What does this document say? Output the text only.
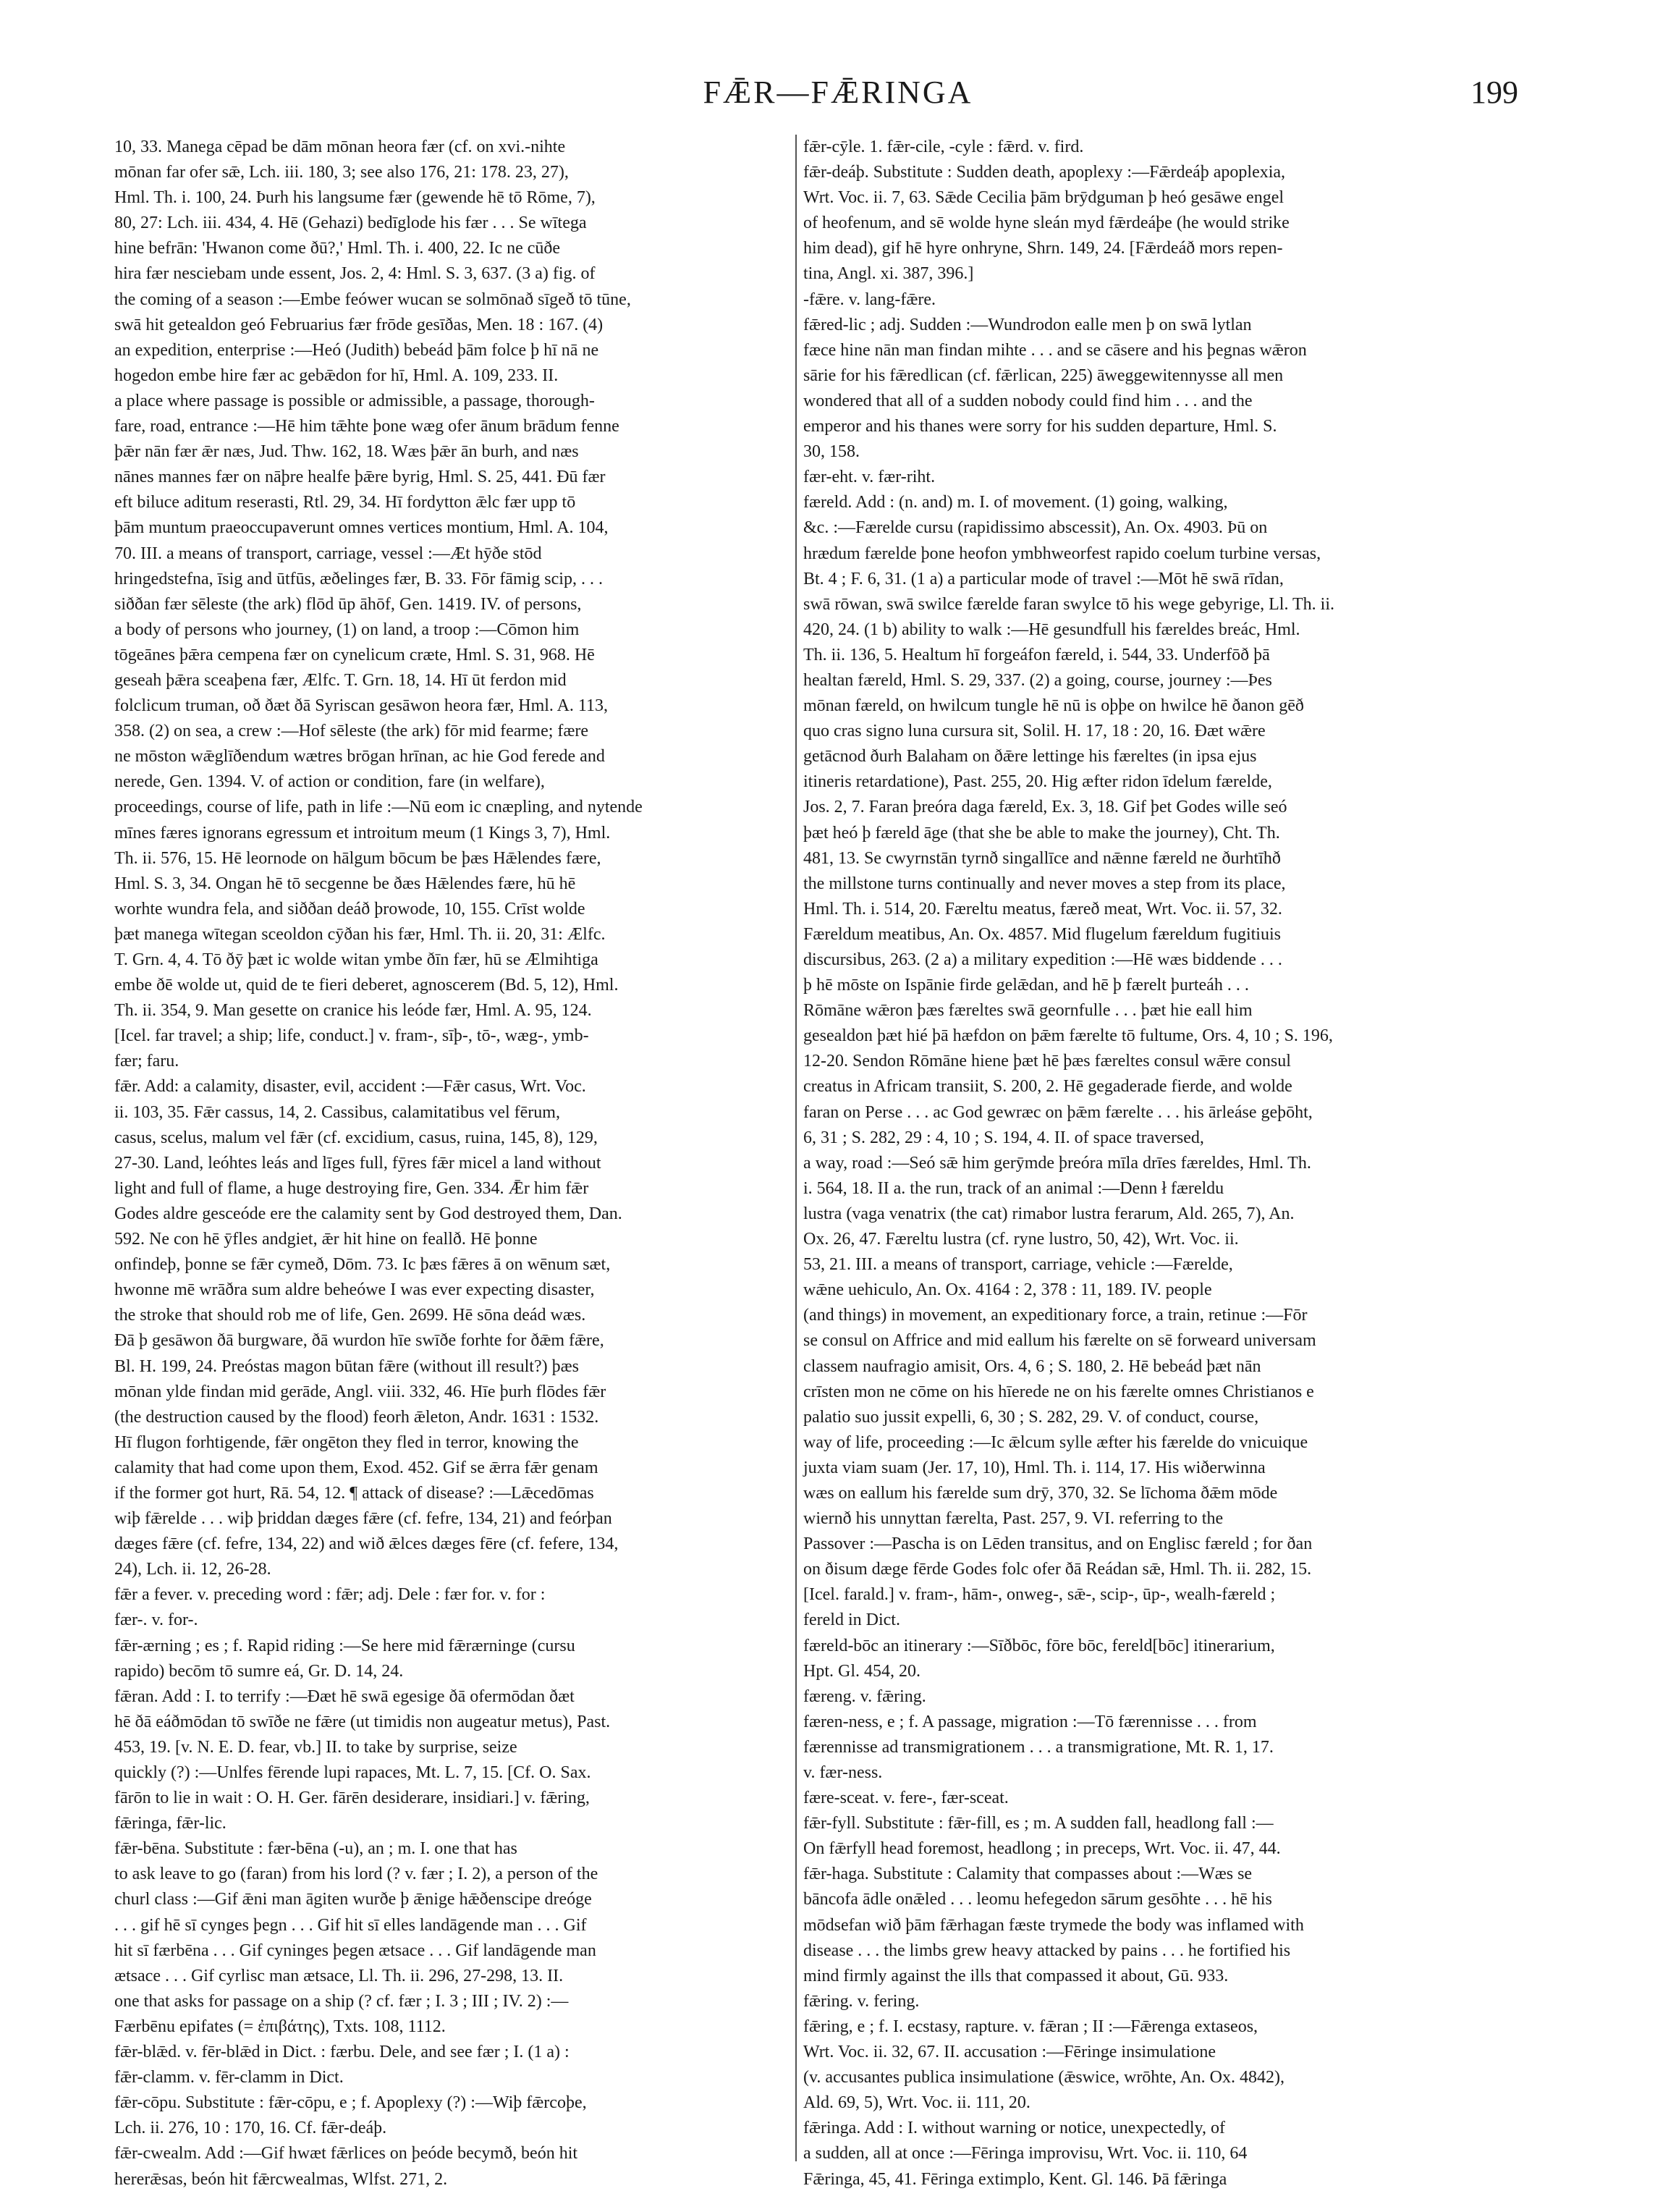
FǢR—FǢRINGA	199
10, 33. Manega cēpad be dām mōnan heora fær (cf. on xvi.-nihte
mōnan far ofer sǣ, Lch. iii. 180, 3; see also 176, 21: 178. 23, 27),
Hml. Th. i. 100, 24. Þurh his langsume fær (gewende hē tō Rōme, 7),
80, 27: Lch. iii. 434, 4. Hē (Gehazi) bedīglode his fær . . . Se wītega
hine befrān: 'Hwanon come ðū?,' Hml. Th. i. 400, 22. Ic ne cūðe
hira fær nesciebam unde essent, Jos. 2, 4: Hml. S. 3, 637. (3 a) fig. of
the coming of a season :—Embe feówer wucan se solmōnað sīgeð tō tūne,
swā hit getealdon geó Februarius fær frōde gesīðas, Men. 18 : 167. (4)
an expedition, enterprise :—Heó (Judith) bebeád þām folce þ hī nā ne
hogedon embe hire fær ac gebǣdon for hī, Hml. A. 109, 233. II.
a place where passage is possible or admissible, a passage, thorough-
fare, road, entrance :—Hē him tǣhte þone wæg ofer ānum brādum fenne
þǣr nān fær ǣr næs, Jud. Thw. 162, 18. Wæs þǣr ān burh, and næs
nānes mannes fær on nāþre healfe þǣre byrig, Hml. S. 25, 441. Ðū fær
eft biluce aditum reserasti, Rtl. 29, 34. Hī fordytton ǣlc fær upp tō
þām muntum praeoccupaverunt omnes vertices montium, Hml. A. 104,
70. III. a means of transport, carriage, vessel :—Æt hȳðe stōd
hringedstefna, īsig and ūtfūs, æðelinges fær, B. 33. Fōr fāmig scip, . . .
siððan fær sēleste (the ark) flōd ūp āhōf, Gen. 1419. IV. of persons,
a body of persons who journey, (1) on land, a troop :—Cōmon him
tōgeānes þǣra cempena fær on cynelicum cræte, Hml. S. 31, 968. Hē
geseah þǣra sceaþena fær, Ælfc. T. Grn. 18, 14. Hī ūt ferdon mid
folclicum truman, oð ðæt ðā Syriscan gesāwon heora fær, Hml. A. 113,
358. (2) on sea, a crew :—Hof sēleste (the ark) fōr mid fearme; fære
ne mōston wǣglīðendum wætres brōgan hrīnan, ac hie God ferede and
nerede, Gen. 1394. V. of action or condition, fare (in welfare),
proceedings, course of life, path in life :—Nū eom ic cnæpling, and nytende
mīnes færes ignorans egressum et introitum meum (1 Kings 3, 7), Hml.
Th. ii. 576, 15. Hē leornode on hālgum bōcum be þæs Hǣlendes fære,
Hml. S. 3, 34. Ongan hē tō secgenne be ðæs Hǣlendes fære, hū hē
worhte wundra fela, and siððan deáð þrowode, 10, 155. Crīst wolde
þæt manega wītegan sceoldon cȳðan his fær, Hml. Th. ii. 20, 31: Ælfc.
T. Grn. 4, 4. Tō ðȳ þæt ic wolde witan ymbe ðīn fær, hū se Ælmihtiga
embe ðē wolde ut, quid de te fieri deberet, agnoscerem (Bd. 5, 12), Hml.
Th. ii. 354, 9. Man gesette on cranice his leóde fær, Hml. A. 95, 124.
[Icel. far travel; a ship; life, conduct.] v. fram-, sīþ-, tō-, wæg-, ymb-
fær; faru.
fǣr. Add: a calamity, disaster, evil, accident :—Fǣr casus, Wrt. Voc.
ii. 103, 35. Fǣr cassus, 14, 2. Cassibus, calamitatibus vel fērum,
casus, scelus, malum vel fǣr (cf. excidium, casus, ruina, 145, 8), 129,
27-30. Land, leóhtes leás and līges full, fȳres fǣr micel a land without
light and full of flame, a huge destroying fire, Gen. 334. Ǣr him fǣr
Godes aldre gesceóde ere the calamity sent by God destroyed them, Dan.
592. Ne con hē ȳfles andgiet, ǣr hit hine on feallð. Hē þonne
onfindeþ, þonne se fǣr cymeð, Dōm. 73. Ic þæs fǣres ā on wēnum sæt,
hwonne mē wrāðra sum aldre beheówe I was ever expecting disaster,
the stroke that should rob me of life, Gen. 2699. Hē sōna deád wæs.
Ðā þ gesāwon ðā burgware, ðā wurdon hīe swīðe forhte for ðǣm fǣre,
Bl. H. 199, 24. Preóstas magon būtan fǣre (without ill result?) þæs
mōnan ylde findan mid gerāde, Angl. viii. 332, 46. Hīe þurh flōdes fǣr
(the destruction caused by the flood) feorh ǣleton, Andr. 1631 : 1532.
Hī flugon forhtigende, fǣr ongēton they fled in terror, knowing the
calamity that had come upon them, Exod. 452. Gif se ǣrra fǣr genam
if the former got hurt, Rā. 54, 12. ¶ attack of disease? :—Lǣcedōmas
wiþ fǣrelde . . . wiþ þriddan dæges fǣre (cf. fefre, 134, 21) and feórþan
dæges fǣre (cf. fefre, 134, 22) and wið ǣlces dæges fēre (cf. fefere, 134,
24), Lch. ii. 12, 26-28.
fǣr a fever. v. preceding word : fǣr; adj. Dele : fær for. v. for :
fær-. v. for-.
fǣr-ærning ; es ; f. Rapid riding :—Se here mid fǣrærninge (cursu
rapido) becōm tō sumre eá, Gr. D. 14, 24.
fǣran. Add : I. to terrify :—Ðæt hē swā egesige ðā ofermōdan ðæt
hē ðā eáðmōdan tō swīðe ne fǣre (ut timidis non augeatur metus), Past.
453, 19. [v. N. E. D. fear, vb.] II. to take by surprise, seize
quickly (?) :—Unlfes fērende lupi rapaces, Mt. L. 7, 15. [Cf. O. Sax.
fārōn to lie in wait : O. H. Ger. fārēn desiderare, insidiari.] v. fǣring,
fǣringa, fǣr-lic.
fǣr-bēna. Substitute : fær-bēna (-u), an ; m. I. one that has
to ask leave to go (faran) from his lord (? v. fær ; I. 2), a person of the
churl class :—Gif ǣni man āgiten wurðe þ ǣnige hǣðenscipe dreóge
. . . gif hē sī cynges þegn . . . Gif hit sī elles landāgende man . . . Gif
hit sī færbēna . . . Gif cyninges þegen ætsace . . . Gif landāgende man
ætsace . . . Gif cyrlisc man ætsace, Ll. Th. ii. 296, 27-298, 13. II.
one that asks for passage on a ship (? cf. fær ; I. 3 ; III ; IV. 2) :—
Færbēnu epifates (= ἐπιβάτης), Txts. 108, 1112.
fǣr-blǣd. v. fēr-blǣd in Dict. : færbu. Dele, and see fær ; I. (1 a) :
fǣr-clamm. v. fēr-clamm in Dict.
fǣr-cōpu. Substitute : fǣr-cōpu, e ; f. Apoplexy (?) :—Wiþ fǣrcoþe,
Lch. ii. 276, 10 : 170, 16. Cf. fǣr-deáþ.
fǣr-cwealm. Add :—Gif hwæt fǣrlices on þeóde becymð, beón hit
hererǣsas, beón hit fǣrcwealmas, Wlfst. 271, 2.
fǣr-cȳle. 1. fǣr-cile, -cyle : fǣrd. v. fird.
fǣr-deáþ. Substitute : Sudden death, apoplexy :—Fǣrdeáþ apoplexia,
Wrt. Voc. ii. 7, 63. Sǣde Cecilia þām brȳdguman þ heó gesāwe engel
of heofenum, and sē wolde hyne sleán myd fǣrdeáþe (he would strike
him dead), gif hē hyre onhryne, Shrn. 149, 24. [Fǣrdeáð mors repen-
tina, Angl. xi. 387, 396.]
-fǣre. v. lang-fǣre.
fǣred-lic ; adj. Sudden :—Wundrodon ealle men þ on swā lytlan
fæce hine nān man findan mihte . . . and se cāsere and his þegnas wǣron
sārie for his fǣredlican (cf. fǣrlican, 225) āweggewitennysse all men
wondered that all of a sudden nobody could find him . . . and the
emperor and his thanes were sorry for his sudden departure, Hml. S.
30, 158.
fær-eht. v. fær-riht.
færeld. Add : (n. and) m. I. of movement. (1) going, walking,
&c. :—Færelde cursu (rapidissimo abscessit), An. Ox. 4903. Þū on
hrædum færelde þone heofon ymbhweorfest rapido coelum turbine versas,
Bt. 4 ; F. 6, 31. (1 a) a particular mode of travel :—Mōt hē swā rīdan,
swā rōwan, swā swilce færelde faran swylce tō his wege gebyrige, Ll. Th. ii.
420, 24. (1 b) ability to walk :—Hē gesundfull his færeldes breác, Hml.
Th. ii. 136, 5. Healtum hī forgeáfon færeld, i. 544, 33. Underfōð þā
healtan færeld, Hml. S. 29, 337. (2) a going, course, journey :—Þes
mōnan færeld, on hwilcum tungle hē nū is oþþe on hwilce hē ðanon gēð
quo cras signo luna cursura sit, Solil. H. 17, 18 : 20, 16. Ðæt wǣre
getācnod ðurh Balaham on ðǣre lettinge his færeltes (in ipsa ejus
itineris retardatione), Past. 255, 20. Hig æfter ridon īdelum færelde,
Jos. 2, 7. Faran þreóra daga færeld, Ex. 3, 18. Gif þet Godes wille seó
þæt heó þ færeld āge (that she be able to make the journey), Cht. Th.
481, 13. Se cwyrnstān tyrnð singallīce and nǣnne færeld ne ðurhtīhð
the millstone turns continually and never moves a step from its place,
Hml. Th. i. 514, 20. Færeltu meatus, færeð meat, Wrt. Voc. ii. 57, 32.
Færeldum meatibus, An. Ox. 4857. Mid flugelum færeldum fugitiuis
discursibus, 263. (2 a) a military expedition :—Hē wæs biddende . . .
þ hē mōste on Ispānie firde gelǣdan, and hē þ færelt þurteáh . . .
Rōmāne wǣron þæs færeltes swā geornfulle . . . þæt hie eall him
gesealdon þæt hié þā hæfdon on þǣm færelte tō fultume, Ors. 4, 10 ; S. 196,
12-20. Sendon Rōmāne hiene þæt hē þæs færeltes consul wǣre consul
creatus in Africam transiit, S. 200, 2. Hē gegaderade fierde, and wolde
faran on Perse . . . ac God gewræc on þǣm færelte . . . his ārleáse geþōht,
6, 31 ; S. 282, 29 : 4, 10 ; S. 194, 4. II. of space traversed,
a way, road :—Seó sǣ him gerȳmde þreóra mīla drīes færeldes, Hml. Th.
i. 564, 18. II a. the run, track of an animal :—Denn ł færeldu
lustra (vaga venatrix (the cat) rimabor lustra ferarum, Ald. 265, 7), An.
Ox. 26, 47. Færeltu lustra (cf. ryne lustro, 50, 42), Wrt. Voc. ii.
53, 21. III. a means of transport, carriage, vehicle :—Færelde,
wǣne uehiculo, An. Ox. 4164 : 2, 378 : 11, 189. IV. people
(and things) in movement, an expeditionary force, a train, retinue :—Fōr
se consul on Affrice and mid eallum his færelte on sē forweard universam
classem naufragio amisit, Ors. 4, 6 ; S. 180, 2. Hē bebeád þæt nān
crīsten mon ne cōme on his hīerede ne on his færelte omnes Christianos e
palatio suo jussit expelli, 6, 30 ; S. 282, 29. V. of conduct, course,
way of life, proceeding :—Ic ǣlcum sylle æfter his færelde do vnicuique
juxta viam suam (Jer. 17, 10), Hml. Th. i. 114, 17. His wiðerwinna
wæs on eallum his færelde sum drȳ, 370, 32. Se līchoma ðǣm mōde
wiernð his unnyttan færelta, Past. 257, 9. VI. referring to the
Passover :—Pascha is on Lēden transitus, and on Englisc færeld ; for ðan
on ðisum dæge fērde Godes folc ofer ðā Reádan sǣ, Hml. Th. ii. 282, 15.
[Icel. farald.] v. fram-, hām-, onweg-, sǣ-, scip-, ūp-, wealh-færeld ;
fereld in Dict.
færeld-bōc an itinerary :—Sīðbōc, fōre bōc, fereld[bōc] itinerarium,
Hpt. Gl. 454, 20.
færeng. v. fǣring.
færen-ness, e ; f. A passage, migration :—Tō færennisse . . . from
færennisse ad transmigrationem . . . a transmigratione, Mt. R. 1, 17.
v. fær-ness.
fære-sceat. v. fere-, fær-sceat.
fǣr-fyll. Substitute : fǣr-fill, es ; m. A sudden fall, headlong fall :—
On fǣrfyll head foremost, headlong ; in preceps, Wrt. Voc. ii. 47, 44.
fǣr-haga. Substitute : Calamity that compasses about :—Wæs se
bāncofa ādle onǣled . . . leomu hefegedon sārum gesōhte . . . hē his
mōdsefan wið þām fǣrhagan fæste trymede the body was inflamed with
disease . . . the limbs grew heavy attacked by pains . . . he fortified his
mind firmly against the ills that compassed it about, Gū. 933.
fǣring. v. fering.
fǣring, e ; f. I. ecstasy, rapture. v. fǣran ; II :—Fǣrenga extaseos,
Wrt. Voc. ii. 32, 67. II. accusation :—Fēringe insimulatione
(v. accusantes publica insimulatione (ǣswice, wrōhte, An. Ox. 4842),
Ald. 69, 5), Wrt. Voc. ii. 111, 20.
fǣringa. Add : I. without warning or notice, unexpectedly, of
a sudden, all at once :—Fēringa improvisu, Wrt. Voc. ii. 110, 64
Fǣringa, 45, 41. Fēringa extimplo, Kent. Gl. 146. Þā fǣringa
